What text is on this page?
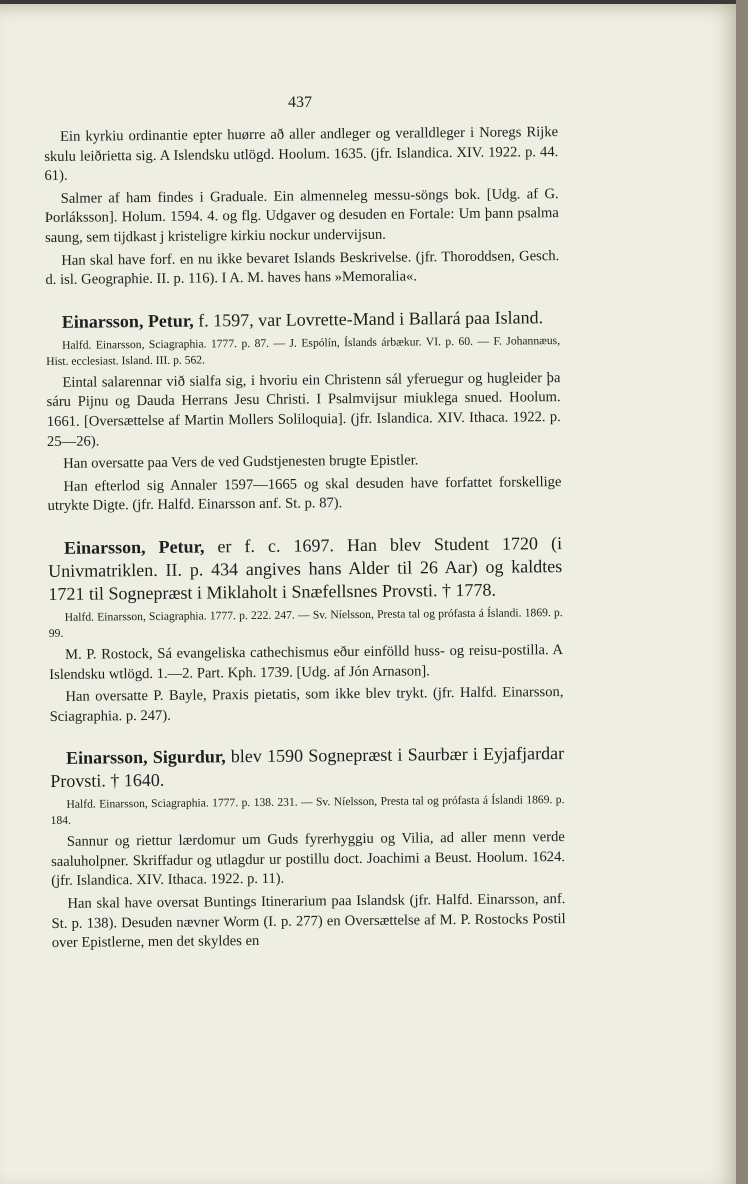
437

Ein kyrkiu ordinantie epter huørre að aller andleger og veralldleger i Noregs Rijke skulu leiðrietta sig. A Islendsku utlögd. Hoolum. 1635. (jfr. Islandica. XIV. 1922. p. 44. 61).

Salmer af ham findes i Graduale. Ein almenneleg messu-söngs bok. [Udg. af G. Þorláksson]. Holum. 1594. 4. og flg. Udgaver og desuden en Fortale: Um þann psalma saung, sem tijdkast j kristeligre kirkiu nockur undervijsun.

Han skal have forf. en nu ikke bevaret Islands Beskrivelse. (jfr. Thoroddsen, Gesch. d. isl. Geographie. II. p. 116). I A. M. haves hans »Memoralia«.

Einarsson, Petur, f. 1597, var Lovrette-Mand i Ballará paa Island.

Halfd. Einarsson, Sciagraphia. 1777. p. 87. — J. Espólín, Íslands árbækur. VI. p. 60. — F. Johannæus, Hist. ecclesiast. Island. III. p. 562.

Eintal salarennar við sialfa sig, i hvoriu ein Christenn sál yferuegur og hugleider þa sáru Pijnu og Dauda Herrans Jesu Christi. I Psalmvijsur miuklega snued. Hoolum. 1661. [Oversættelse af Martin Mollers Soliloquia]. (jfr. Islandica. XIV. Ithaca. 1922. p. 25—26).

Han oversatte paa Vers de ved Gudstjenesten brugte Epistler.

Han efterlod sig Annaler 1597—1665 og skal desuden have forfattet forskellige utrykte Digte. (jfr. Halfd. Einarsson anf. St. p. 87).

Einarsson, Petur, er f. c. 1697. Han blev Student 1720 (i Univmatriklen. II. p. 434 angives hans Alder til 26 Aar) og kaldtes 1721 til Sognepræst i Miklaholt i Snæfellsnes Provsti. † 1778.

Halfd. Einarsson, Sciagraphia. 1777. p. 222. 247. — Sv. Níelsson, Presta tal og prófasta á Íslandi. 1869. p. 99.

M. P. Rostock, Sá evangeliska cathechismus eður einfölld huss- og reisu-postilla. A Islendsku wtlögd. 1.—2. Part. Kph. 1739. [Udg. af Jón Arnason].

Han oversatte P. Bayle, Praxis pietatis, som ikke blev trykt. (jfr. Halfd. Einarsson, Sciagraphia. p. 247).

Einarsson, Sigurdur, blev 1590 Sognepræst i Saurbær i Eyjafjardar Provsti. † 1640.

Halfd. Einarsson, Sciagraphia. 1777. p. 138. 231. — Sv. Níelsson, Presta tal og prófasta á Íslandi 1869. p. 184.

Sannur og riettur lærdomur um Guds fyrerhyggiu og Vilia, ad aller menn verde saaluholpner. Skriffadur og utlagdur ur postillu doct. Joachimi a Beust. Hoolum. 1624. (jfr. Islandica. XIV. Ithaca. 1922. p. 11).

Han skal have oversat Buntings Itinerarium paa Islandsk (jfr. Halfd. Einarsson, anf. St. p. 138). Desuden nævner Worm (I. p. 277) en Oversættelse af M. P. Rostocks Postil over Epistlerne, men det skyldes en
